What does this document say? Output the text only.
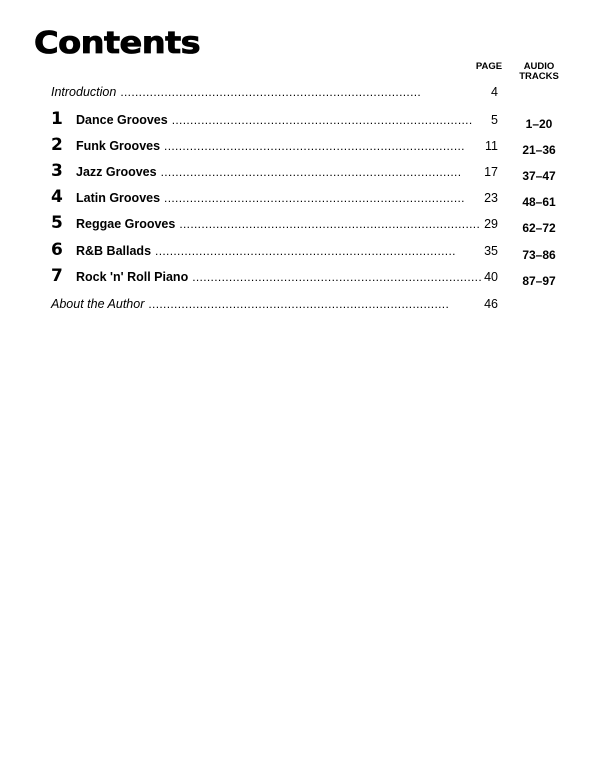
Contents
PAGE	AUDIO
TRACKS
Introduction . . .	4
1	Dance Grooves . . .	5	1–20
2	Funk Grooves . . .	11	21–36
3	Jazz Grooves . . .	17	37–47
4	Latin Grooves . . .	23	48–61
5	Reggae Grooves . . .	29	62–72
6	R&B Ballads . . .	35	73–86
7	Rock 'n' Roll Piano . . .	40	87–97
About the Author . . .	46
